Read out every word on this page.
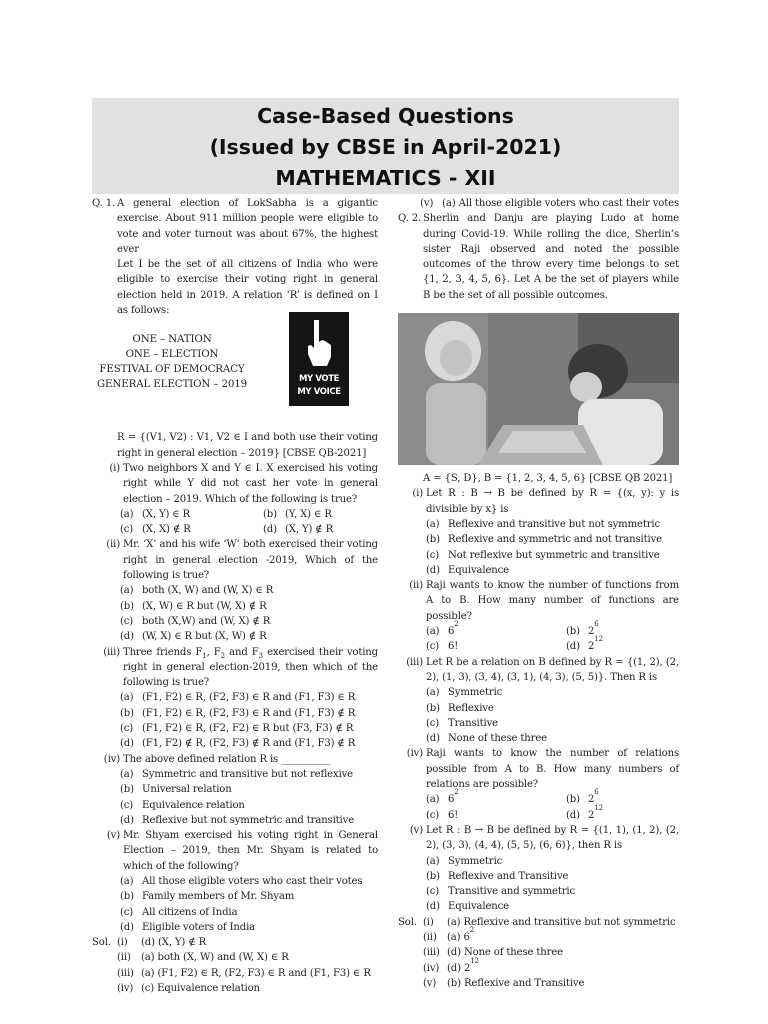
Case-Based Questions
(Issued by CBSE in April-2021)
MATHEMATICS - XII
Q. 1. A general election of LokSabha is a gigantic exercise. About 911 million people were eligible to vote and voter turnout was about 67%, the highest ever
Let I be the set of all citizens of India who were eligible to exercise their voting right in general election held in 2019. A relation ‘R’ is defined on I as follows:
ONE – NATION
ONE – ELECTION
FESTIVAL OF DEMOCRACY
GENERAL ELECTION – 2019	MY VOTE
MY VOICE
R = {(V1, V2) : V1, V2 ∈ I and both use their voting right in general election – 2019} [CBSE QB-2021]
(i) Two neighbors X and Y ∈ I. X exercised his voting right while Y did not cast her vote in general election – 2019. Which of the following is true?
(a) (X, Y) ∈ R	(b) (Y, X) ∈ R
(c) (X, X) ∉ R	(d) (X, Y) ∉ R
(ii) Mr. ‘X’ and his wife ‘W’ both exercised their voting right in general election -2019, Which of the following is true?
(a) both (X, W) and (W, X) ∈ R
(b) (X, W) ∈ R but (W, X) ∉ R
(c) both (X,W) and (W, X) ∉ R
(d) (W, X) ∈ R but (X, W) ∉ R
(iii) Three friends $F_1$, $F_2$ and $F_3$ exercised their voting right in general election-2019, then which of the following is true?
(a) (F1, F2) ∈ R, (F2, F3) ∈ R and (F1, F3) ∈ R
(b) (F1, F2) ∈ R, (F2, F3) ∈ R and (F1, F3) ∉ R
(c) (F1, F2) ∈ R, (F2, F2) ∈ R but (F3, F3) ∉ R
(d) (F1, F2) ∉ R, (F2, F3) ∉ R and (F1, F3) ∉ R
(iv) The above defined relation R is __________
(a) Symmetric and transitive but not reflexive
(b) Universal relation
(c) Equivalence relation
(d) Reflexive but not symmetric and transitive
(v) Mr. Shyam exercised his voting right in General Election – 2019, then Mr. Shyam is related to which of the following?
(a) All those eligible voters who cast their votes
(b) Family members of Mr. Shyam
(c) All citizens of India
(d) Eligible voters of India
Sol. (i)	(d) (X, Y) ∉ R
(ii)	(a) both (X, W) and (W, X) ∈ R
(iii) (a) (F1, F2) ∈ R, (F2, F3) ∈ R and (F1, F3) ∈ R
(iv) (c) Equivalence relation
(v) (a) All those eligible voters who cast their votes
Q. 2. Sherlin and Danju are playing Ludo at home during Covid-19. While rolling the dice, Sherlin’s sister Raji observed and noted the possible outcomes of the throw every time belongs to set {1, 2, 3, 4, 5, 6}. Let A be the set of players while B be the set of all possible outcomes.
A = {S, D}, B = {1, 2, 3, 4, 5, 6} [CBSE QB 2021]
(i) Let R : B → B be defined by R = {(x, y): y is divisible by x} is
(a) Reflexive and transitive but not symmetric
(b) Reflexive and symmetric and not transitive
(c) Not reflexive but symmetric and transitive
(d) Equivalence
(ii) Raji wants to know the number of functions from A to B. How many number of functions are possible?
(a) 6
2
(b) 2
6
(c) 6!	(d) 2
12
(iii) Let R be a relation on B defined by R = {(1, 2), (2, 2), (1, 3), (3, 4), (3, 1), (4, 3), (5, 5)}. Then R is
(a) Symmetric
(b) Reflexive
(c) Transitive
(d) None of these three
(iv) Raji wants to know the number of relations possible from A to B. How many numbers of relations are possible?
(a) 6
2
(b) 2
6
(c) 6!	(d) 2
12
(v) Let R : B → B be defined by R = {(1, 1), (1, 2), (2, 2), (3, 3), (4, 4), (5, 5), (6, 6)}, then R is
(a) Symmetric
(b) Reflexive and Transitive
(c) Transitive and symmetric
(d) Equivalence
Sol. (i)	(a) Reflexive and transitive but not symmetric
(ii)	(a) 6
2
(iii) (d) None of these three
(iv) (d) 2
12
(v)	(b) Reflexive and Transitive
